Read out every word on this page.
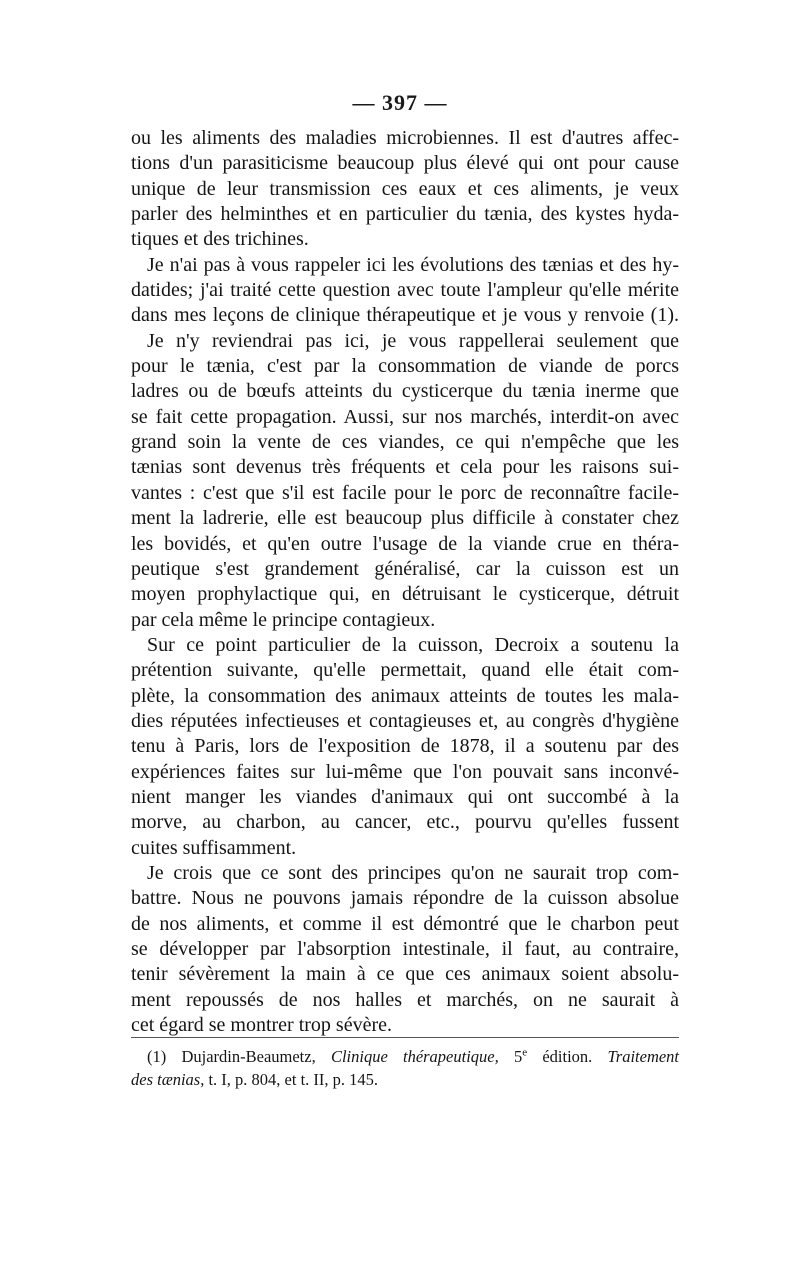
— 397 —
ou les aliments des maladies microbiennes. Il est d'autres affec-
tions d'un parasiticisme beaucoup plus élevé qui ont pour cause
unique de leur transmission ces eaux et ces aliments, je veux
parler des helminthes et en particulier du tænia, des kystes hyda-
tiques et des trichines.
Je n'ai pas à vous rappeler ici les évolutions des tænias et des hy-
datides; j'ai traité cette question avec toute l'ampleur qu'elle mérite
dans mes leçons de clinique thérapeutique et je vous y renvoie (1).
Je n'y reviendrai pas ici, je vous rappellerai seulement que
pour le tænia, c'est par la consommation de viande de porcs
ladres ou de bœufs atteints du cysticerque du tænia inerme que
se fait cette propagation. Aussi, sur nos marchés, interdit-on avec
grand soin la vente de ces viandes, ce qui n'empêche que les
tænias sont devenus très fréquents et cela pour les raisons sui-
vantes : c'est que s'il est facile pour le porc de reconnaître facile-
ment la ladrerie, elle est beaucoup plus difficile à constater chez
les bovidés, et qu'en outre l'usage de la viande crue en théra-
peutique s'est grandement généralisé, car la cuisson est un
moyen prophylactique qui, en détruisant le cysticerque, détruit
par cela même le principe contagieux.
Sur ce point particulier de la cuisson, Decroix a soutenu la
prétention suivante, qu'elle permettait, quand elle était com-
plète, la consommation des animaux atteints de toutes les mala-
dies réputées infectieuses et contagieuses et, au congrès d'hygiène
tenu à Paris, lors de l'exposition de 1878, il a soutenu par des
expériences faites sur lui-même que l'on pouvait sans inconvé-
nient manger les viandes d'animaux qui ont succombé à la
morve, au charbon, au cancer, etc., pourvu qu'elles fussent
cuites suffisamment.
Je crois que ce sont des principes qu'on ne saurait trop com-
battre. Nous ne pouvons jamais répondre de la cuisson absolue
de nos aliments, et comme il est démontré que le charbon peut
se développer par l'absorption intestinale, il faut, au contraire,
tenir sévèrement la main à ce que ces animaux soient absolu-
ment repoussés de nos halles et marchés, on ne saurait à
cet égard se montrer trop sévère.
(1) Dujardin-Beaumetz, Clinique thérapeutique, 5e édition. Traitement
des tænias, t. I, p. 804, et t. II, p. 145.
